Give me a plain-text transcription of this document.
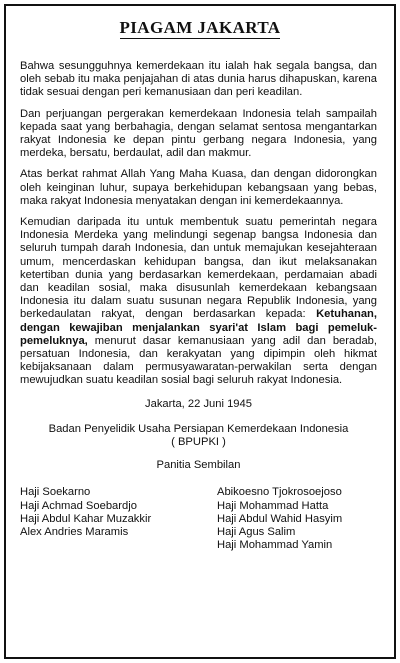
PIAGAM JAKARTA

Bahwa sesungguhnya kemerdekaan itu ialah hak segala bangsa, dan oleh sebab itu maka penjajahan di atas dunia harus dihapuskan, karena tidak sesuai dengan peri kemanusiaan dan peri keadilan.

Dan perjuangan pergerakan kemerdekaan Indonesia telah sampailah kepada saat yang berbahagia, dengan selamat sentosa mengantarkan rakyat Indonesia ke depan pintu gerbang negara Indonesia, yang merdeka, bersatu, berdaulat, adil dan makmur.

Atas berkat rahmat Allah Yang Maha Kuasa, dan dengan didorongkan oleh keinginan luhur, supaya berkehidupan kebangsaan yang bebas, maka rakyat Indonesia menyatakan dengan ini kemerdekaannya.

Kemudian daripada itu untuk membentuk suatu pemerintah negara Indonesia Merdeka yang melindungi segenap bangsa Indonesia dan seluruh tumpah darah Indonesia, dan untuk memajukan kesejahteraan umum, mencerdaskan kehidupan bangsa, dan ikut melaksanakan ketertiban dunia yang berdasarkan kemerdekaan, perdamaian abadi dan keadilan sosial, maka disusunlah kemerdekaan kebangsaan Indonesia itu dalam suatu susunan negara Republik Indonesia, yang berkedaulatan rakyat, dengan berdasarkan kepada: Ketuhanan, dengan kewajiban menjalankan syari'at Islam bagi pemeluk-pemeluknya, menurut dasar kemanusiaan yang adil dan beradab, persatuan Indonesia, dan kerakyatan yang dipimpin oleh hikmat kebijaksanaan dalam permusyawaratan-perwakilan serta dengan mewujudkan suatu keadilan sosial bagi seluruh rakyat Indonesia.

Jakarta, 22 Juni 1945

Badan Penyelidik Usaha Persiapan Kemerdekaan Indonesia
( BPUPKI )

Panitia Sembilan

Haji Soekarno
Haji Achmad Soebardjo
Haji Abdul Kahar Muzakkir
Alex Andries Maramis
Abikoesno Tjokrosoejoso
Haji Mohammad Hatta
Haji Abdul Wahid Hasyim
Haji Agus Salim
Haji Mohammad Yamin
